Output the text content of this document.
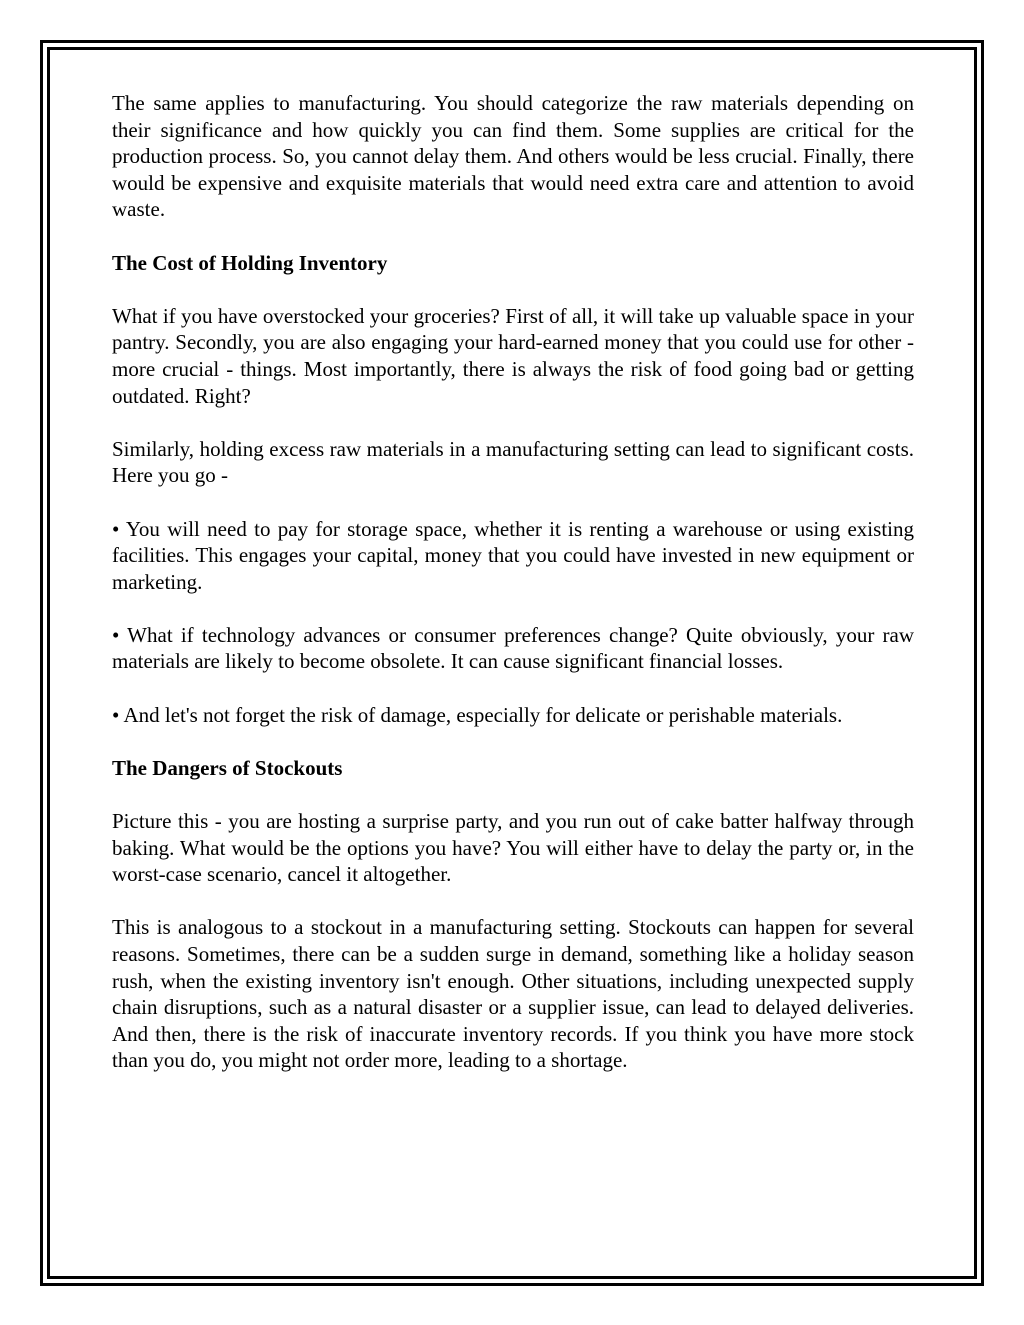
The same applies to manufacturing. You should categorize the raw materials depending on their significance and how quickly you can find them. Some supplies are critical for the production process. So, you cannot delay them. And others would be less crucial. Finally, there would be expensive and exquisite materials that would need extra care and attention to avoid waste.

The Cost of Holding Inventory

What if you have overstocked your groceries? First of all, it will take up valuable space in your pantry. Secondly, you are also engaging your hard-earned money that you could use for other - more crucial - things. Most importantly, there is always the risk of food going bad or getting outdated. Right?

Similarly, holding excess raw materials in a manufacturing setting can lead to significant costs. Here you go -

• You will need to pay for storage space, whether it is renting a warehouse or using existing facilities. This engages your capital, money that you could have invested in new equipment or marketing.

• What if technology advances or consumer preferences change? Quite obviously, your raw materials are likely to become obsolete. It can cause significant financial losses.

• And let's not forget the risk of damage, especially for delicate or perishable materials.

The Dangers of Stockouts

Picture this - you are hosting a surprise party, and you run out of cake batter halfway through baking. What would be the options you have? You will either have to delay the party or, in the worst-case scenario, cancel it altogether.

This is analogous to a stockout in a manufacturing setting. Stockouts can happen for several reasons. Sometimes, there can be a sudden surge in demand, something like a holiday season rush, when the existing inventory isn't enough. Other situations, including unexpected supply chain disruptions, such as a natural disaster or a supplier issue, can lead to delayed deliveries. And then, there is the risk of inaccurate inventory records. If you think you have more stock than you do, you might not order more, leading to a shortage.
